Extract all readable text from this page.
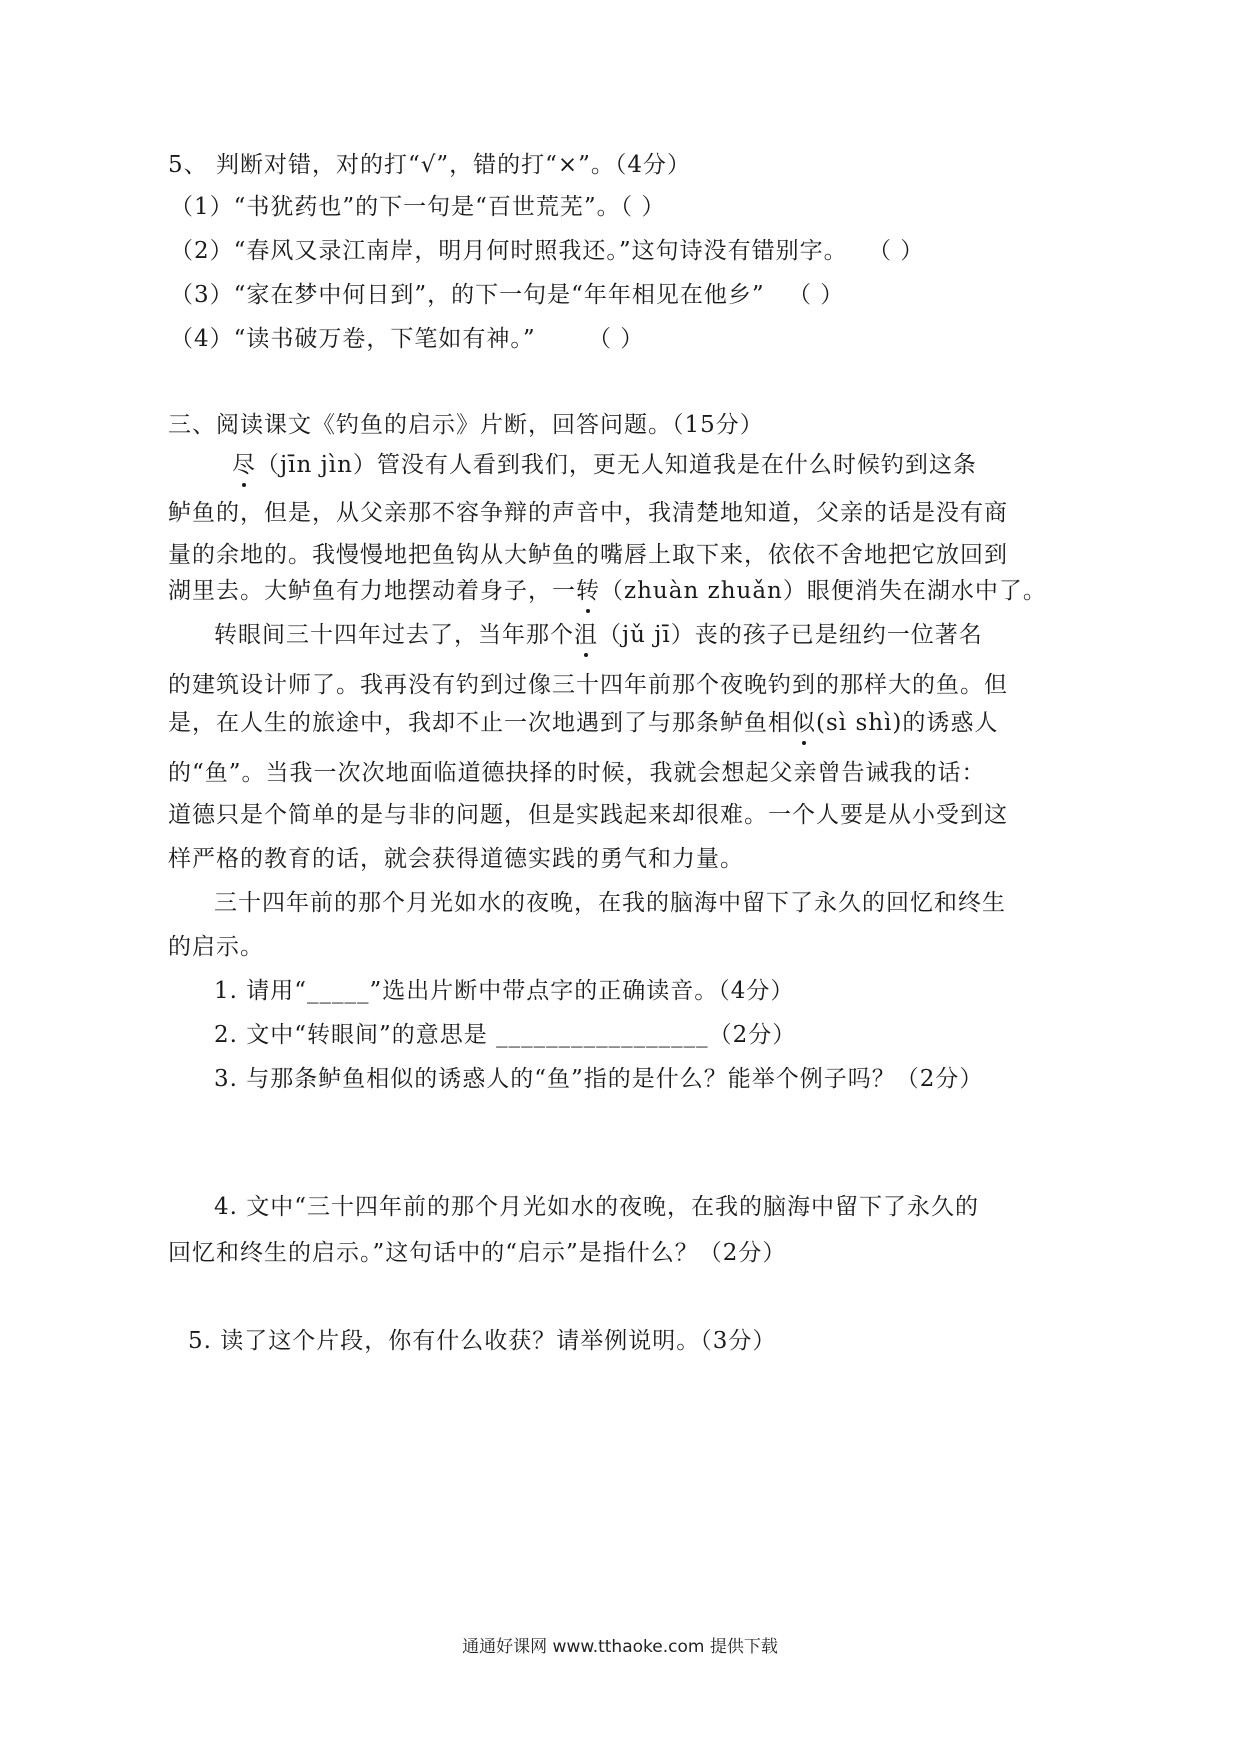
5、 判断对错，对的打“√”，错的打“×”。（4分）
（1）“书犹药也”的下一句是“百世荒芜”。（ ）
（2）“春风又录江南岸，明月何时照我还。”这句诗没有错别字。 （ ）
（3）“家在梦中何日到”，的下一句是“年年相见在他乡” （ ）
（4）“读书破万卷，下笔如有神。” （ ）
三、阅读课文《钓鱼的启示》片断，回答问题。（15分）
尽（jīn jìn）管没有人看到我们，更无人知道我是在什么时候钓到这条
鲈鱼的，但是，从父亲那不容争辩的声音中，我清楚地知道，父亲的话是没有商
量的余地的。我慢慢地把鱼钩从大鲈鱼的嘴唇上取下来，依依不舍地把它放回到
湖里去。大鲈鱼有力地摆动着身子，一转（zhuàn zhuǎn）眼便消失在湖水中了。
转眼间三十四年过去了，当年那个沮（jǔ jī）丧的孩子已是纽约一位著名
的建筑设计师了。我再没有钓到过像三十四年前那个夜晚钓到的那样大的鱼。但
是，在人生的旅途中，我却不止一次地遇到了与那条鲈鱼相似(sì shì)的诱惑人
的“鱼”。当我一次次地面临道德抉择的时候，我就会想起父亲曾告诫我的话：
道德只是个简单的是与非的问题，但是实践起来却很难。一个人要是从小受到这
样严格的教育的话，就会获得道德实践的勇气和力量。
三十四年前的那个月光如水的夜晚，在我的脑海中留下了永久的回忆和终生
的启示。
1. 请用“_____”选出片断中带点字的正确读音。（4分）
2. 文中“转眼间”的意思是 _________________（2分）
3. 与那条鲈鱼相似的诱惑人的“鱼”指的是什么？能举个例子吗？（2分）
4. 文中“三十四年前的那个月光如水的夜晚，在我的脑海中留下了永久的
回忆和终生的启示。”这句话中的“启示”是指什么？（2分）
5. 读了这个片段，你有什么收获？请举例说明。（3分）
通通好课网 www.tthaoke.com 提供下载
